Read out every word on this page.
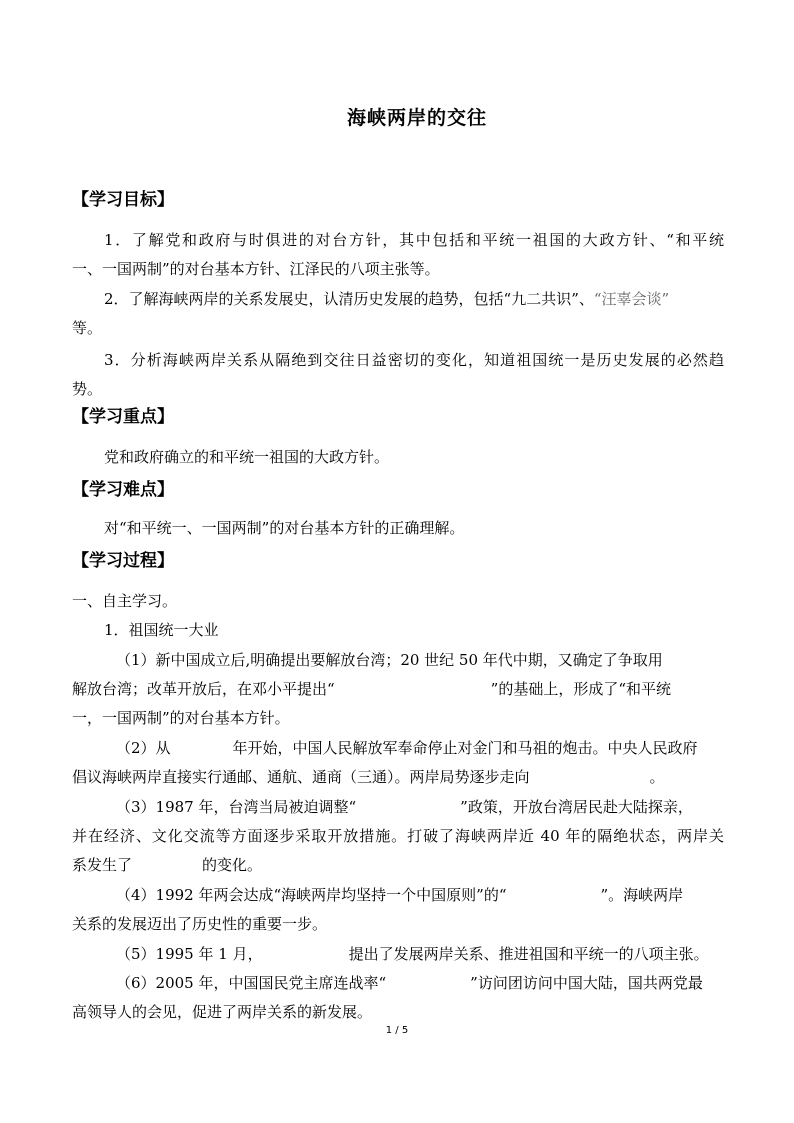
海峡两岸的交往
【学习目标】
1．了解党和政府与时俱进的对台方针，其中包括和平统一祖国的大政方针、“和平统
一、一国两制”的对台基本方针、江泽民的八项主张等。
2．了解海峡两岸的关系发展史，认清历史发展的趋势，包括“九二共识”、“汪辜会谈”
等。
3．分析海峡两岸关系从隔绝到交往日益密切的变化，知道祖国统一是历史发展的必然趋
势。
【学习重点】
党和政府确立的和平统一祖国的大政方针。
【学习难点】
对“和平统一、一国两制”的对台基本方针的正确理解。
【学习过程】
一、自主学习。
1．祖国统一大业
（1）新中国成立后,明确提出要解放台湾；20 世纪 50 年代中期，又确定了争取用
解放台湾；改革开放后，在邓小平提出“	”的基础上，形成了“和平统
一，一国两制”的对台基本方针。
（2）从	年开始，中国人民解放军奉命停止对金门和马祖的炮击。中央人民政府
倡议海峡两岸直接实行通邮、通航、通商（三通）。两岸局势逐步走向	。
（3）1987 年，台湾当局被迫调整“	”政策，开放台湾居民赴大陆探亲，
并在经济、文化交流等方面逐步采取开放措施。打破了海峡两岸近 40 年的隔绝状态，两岸关
系发生了	的变化。
（4）1992 年两会达成“海峡两岸均坚持一个中国原则”的“	”。海峡两岸
关系的发展迈出了历史性的重要一步。
（5）1995 年 1 月，	提出了发展两岸关系、推进祖国和平统一的八项主张。
（6）2005 年，中国国民党主席连战率“	”访问团访问中国大陆，国共两党最
高领导人的会见，促进了两岸关系的新发展。
1 / 5
